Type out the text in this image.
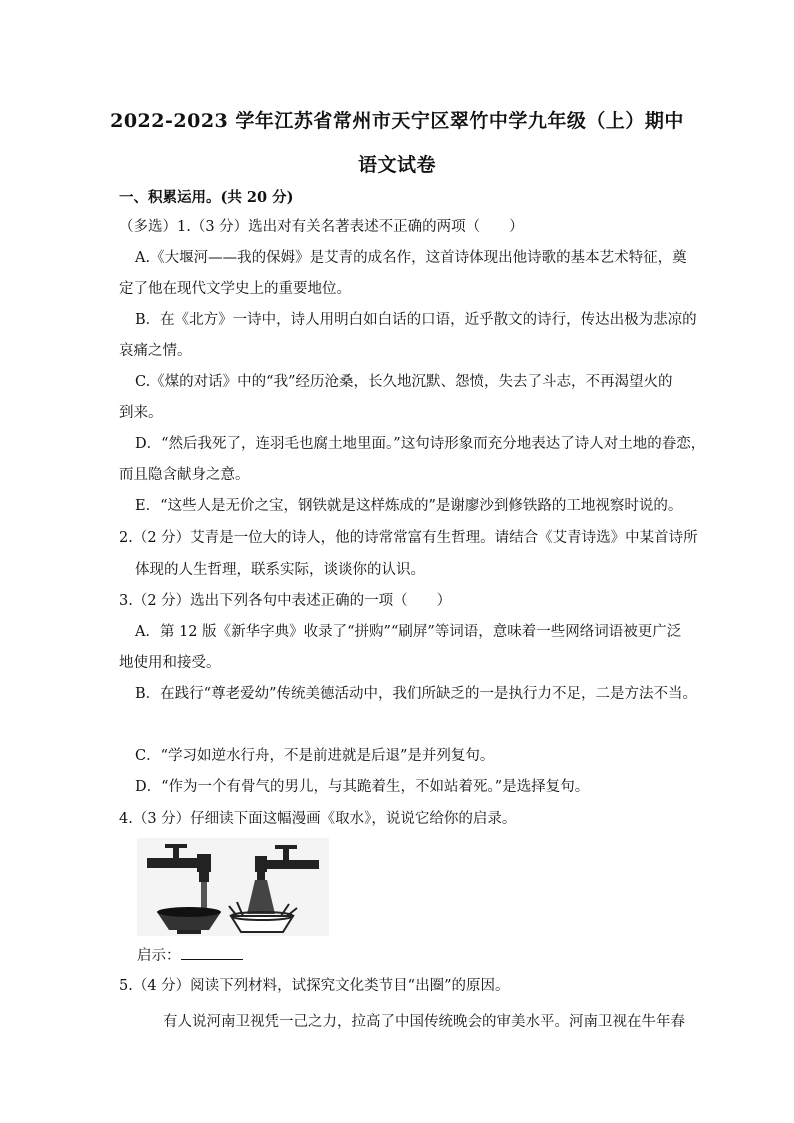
2022-2023 学年江苏省常州市天宁区翠竹中学九年级（上）期中
语文试卷
一、积累运用。(共 20 分)
（多选）1.（3 分）选出对有关名著表述不正确的两项（　　）
A.《大堰河——我的保姆》是艾青的成名作，这首诗体现出他诗歌的基本艺术特征，奠
定了他在现代文学史上的重要地位。
B．在《北方》一诗中，诗人用明白如白话的口语，近乎散文的诗行，传达出极为悲凉的
哀痛之情。
C.《煤的对话》中的“我”经历沧桑，长久地沉默、怨愤，失去了斗志，不再渴望火的
到来。
D．“然后我死了，连羽毛也腐土地里面。”这句诗形象而充分地表达了诗人对土地的眷恋，
而且隐含献身之意。
E．“这些人是无价之宝，钢铁就是这样炼成的”是谢廖沙到修铁路的工地视察时说的。
2.（2 分）艾青是一位大的诗人，他的诗常常富有生哲理。请结合《艾青诗选》中某首诗所
体现的人生哲理，联系实际，谈谈你的认识。
3.（2 分）选出下列各句中表述正确的一项（　　）
A．第 12 版《新华字典》收录了“拼购”“刷屏”等词语，意味着一些网络词语被更广泛
地使用和接受。
B．在践行“尊老爱幼”传统美德活动中，我们所缺乏的一是执行力不足，二是方法不当。
C．“学习如逆水行舟，不是前进就是后退”是并列复句。
D．“作为一个有骨气的男儿，与其跪着生，不如站着死。”是选择复句。
4.（3 分）仔细读下面这幅漫画《取水》，说说它给你的启录。
启示：
5.（4 分）阅读下列材料，试探究文化类节目“出圈”的原因。
有人说河南卫视凭一己之力，拉高了中国传统晚会的审美水平。河南卫视在牛年春
